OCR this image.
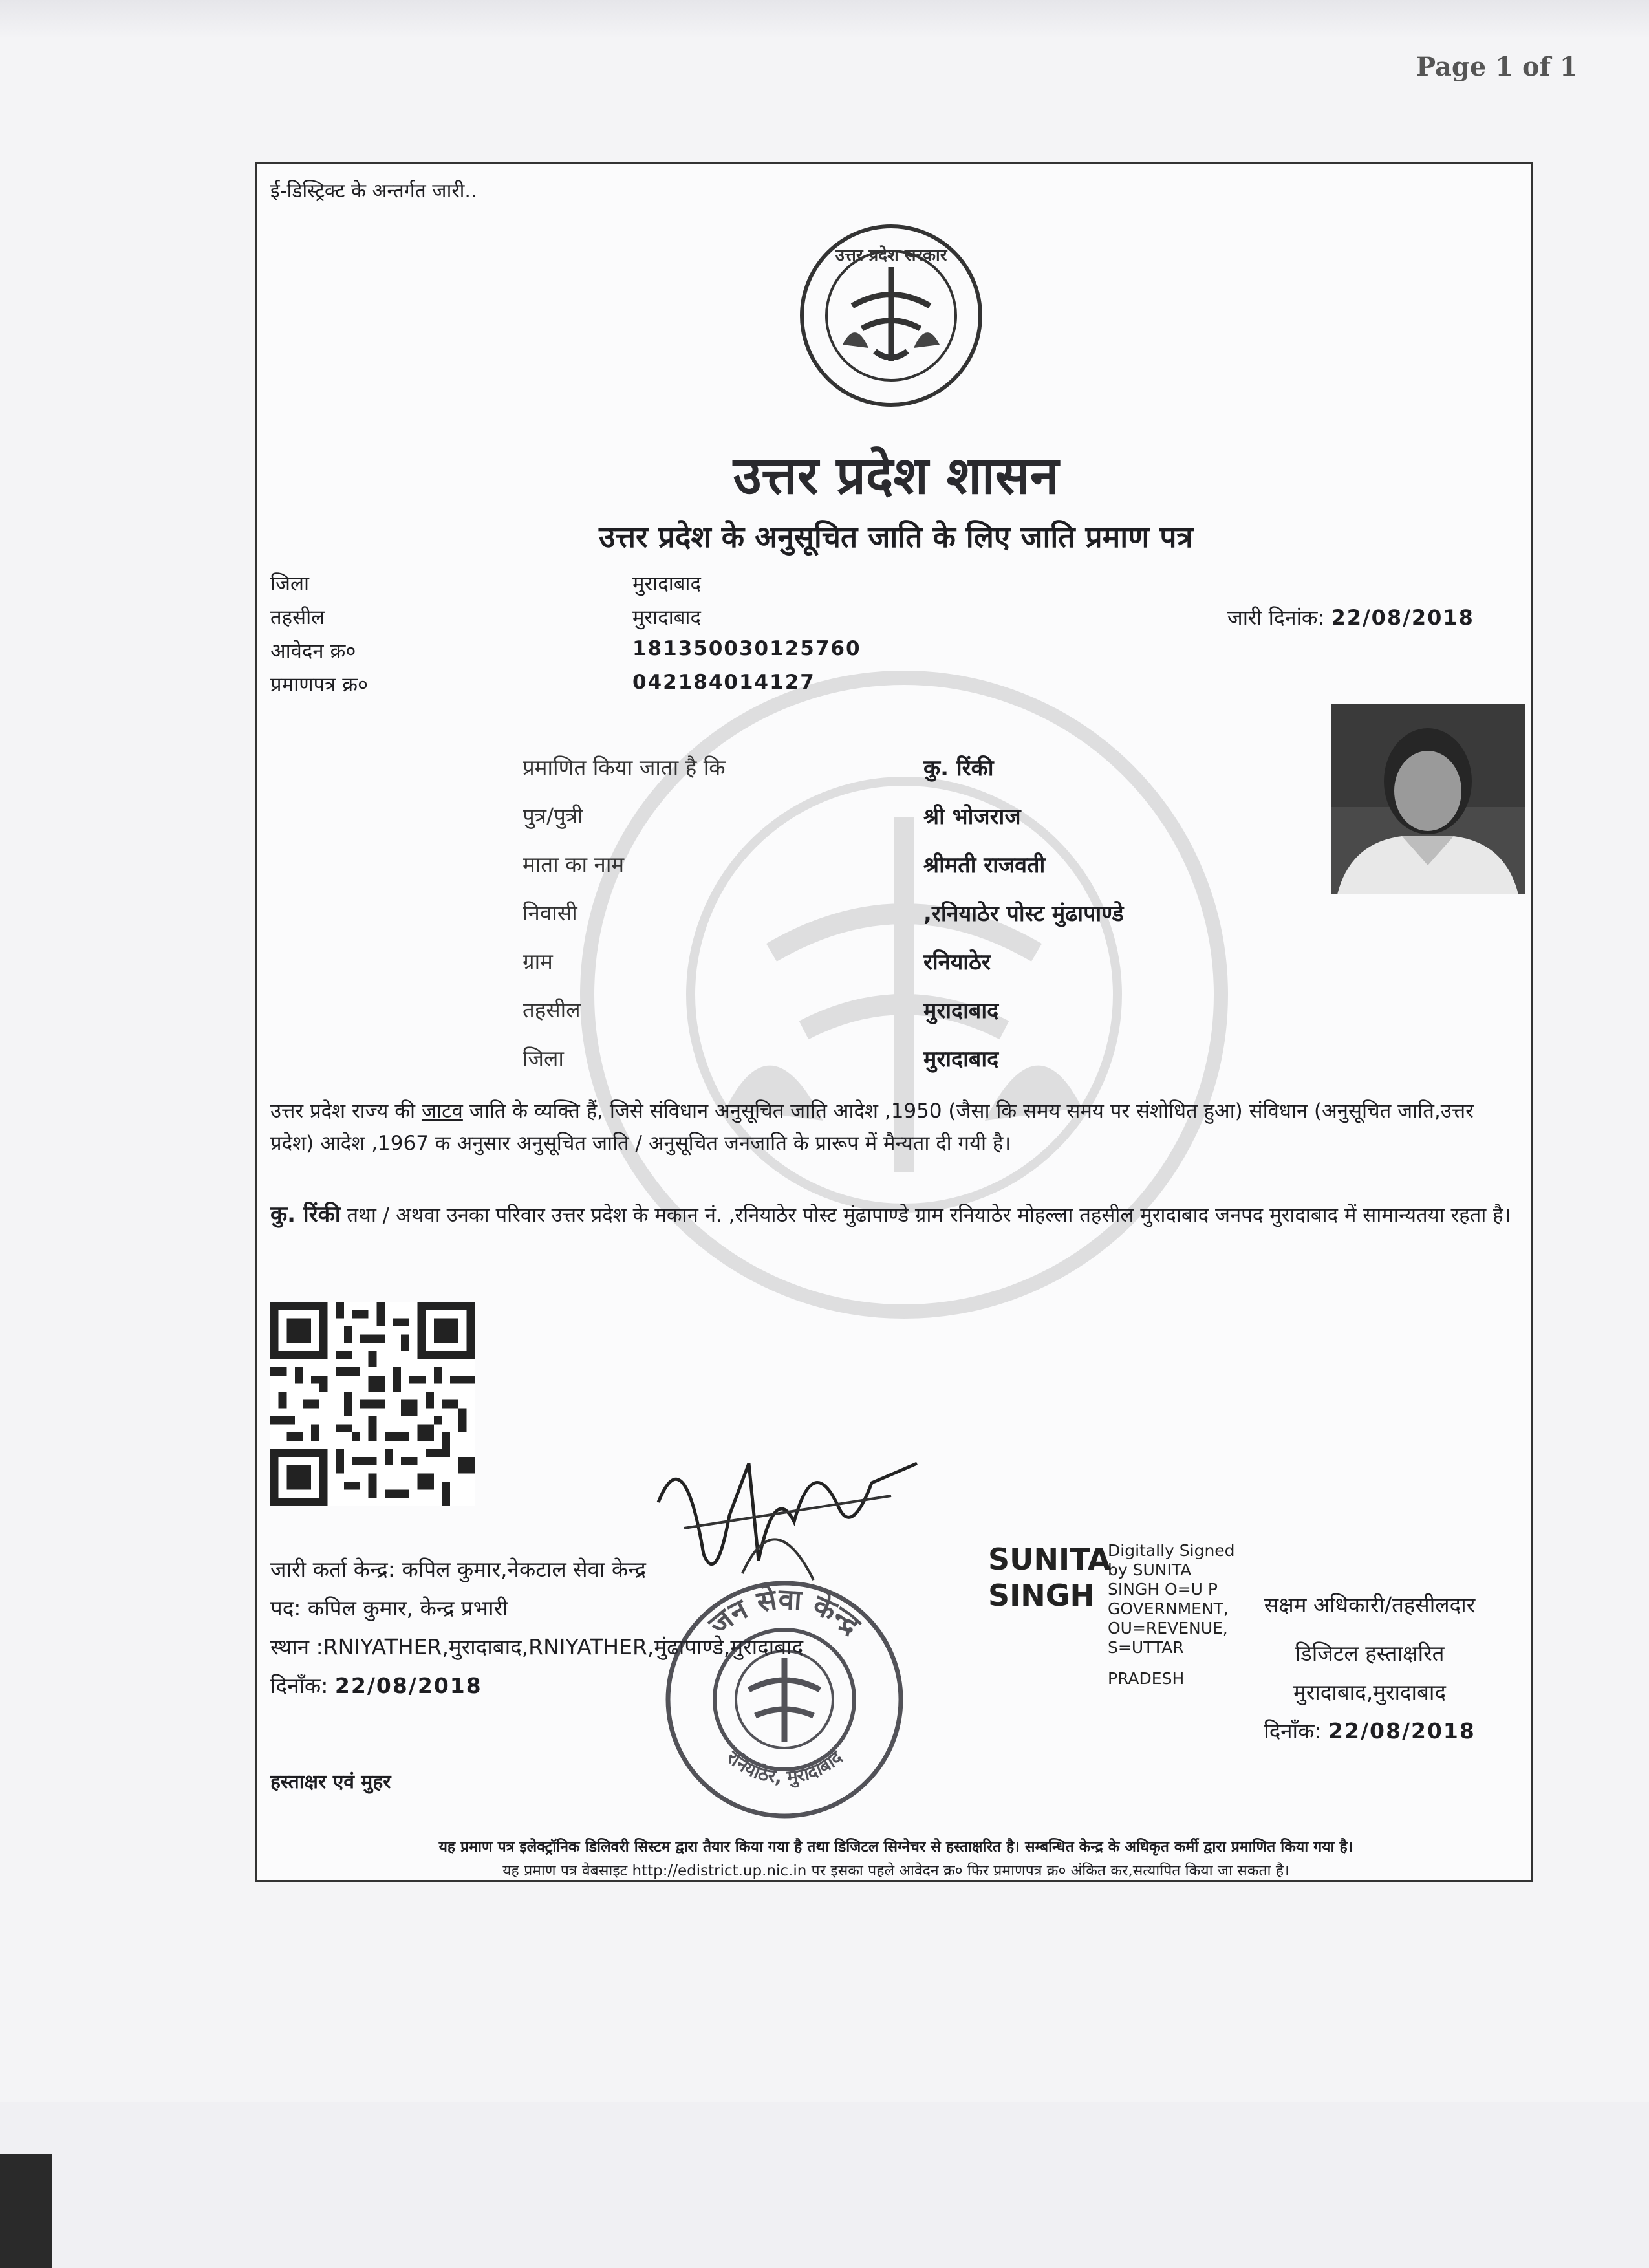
Page 1 of 1
ई-डिस्ट्रिक्ट के अन्तर्गत जारी..
उत्तर प्रदेश सरकार
उत्तर प्रदेश शासन
उत्तर प्रदेश के अनुसूचित जाति के लिए जाति प्रमाण पत्र
जिला	मुरादाबाद
तहसील	मुरादाबाद
आवेदन क्र०	181350030125760
प्रमाणपत्र क्र०	042184014127
जारी दिनांक: 22/08/2018
प्रमाणित किया जाता है कि	कु. रिंकी
पुत्र/पुत्री	श्री भोजराज
माता का नाम	श्रीमती राजवती
निवासी	,रनियाठेर पोस्ट मुंढापाण्डे
ग्राम	रनियाठेर
तहसील	मुरादाबाद
जिला	मुरादाबाद
उत्तर प्रदेश राज्य की जाटव जाति के व्यक्ति हैं, जिसे संविधान अनुसूचित जाति आदेश ,1950 (जैसा कि समय समय पर संशोधित हुआ) संविधान (अनुसूचित जाति,उत्तर प्रदेश) आदेश ,1967 क अनुसार अनुसूचित जाति / अनुसूचित जनजाति के प्रारूप में मैन्यता दी गयी है।
कु. रिंकी तथा / अथवा उनका परिवार उत्तर प्रदेश के मकान नं. ,रनियाठेर पोस्ट मुंढापाण्डे ग्राम रनियाठेर मोहल्ला तहसील मुरादाबाद जनपद मुरादाबाद में सामान्यतया रहता है।
जारी कर्ता केन्द्र: कपिल कुमार,नेकटाल सेवा केन्द्र
पद: कपिल कुमार, केन्द्र प्रभारी
स्थान :RNIYATHER,मुरादाबाद,RNIYATHER,मुंढापाण्डे,मुरादाबाद
दिनाँक: 22/08/2018
जन सेवा केन्द्र
रनियाठेर, मुरादाबाद
SUNITA
SINGH
Digitally Signed
by SUNITA
SINGH O=U P
GOVERNMENT,
OU=REVENUE,
S=UTTAR
PRADESH
सक्षम अधिकारी/तहसीलदार
डिजिटल हस्ताक्षरित
मुरादाबाद,मुरादाबाद
दिनाँक: 22/08/2018
हस्ताक्षर एवं मुहर
यह प्रमाण पत्र इलेक्ट्रॉनिक डिलिवरी सिस्टम द्वारा तैयार किया गया है तथा डिजिटल सिग्नेचर से हस्ताक्षरित है। सम्बन्धित केन्द्र के अधिकृत कर्मी द्वारा प्रमाणित किया गया है।
यह प्रमाण पत्र वेबसाइट http://edistrict.up.nic.in पर इसका पहले आवेदन क्र० फिर प्रमाणपत्र क्र० अंकित कर,सत्यापित किया जा सकता है।
